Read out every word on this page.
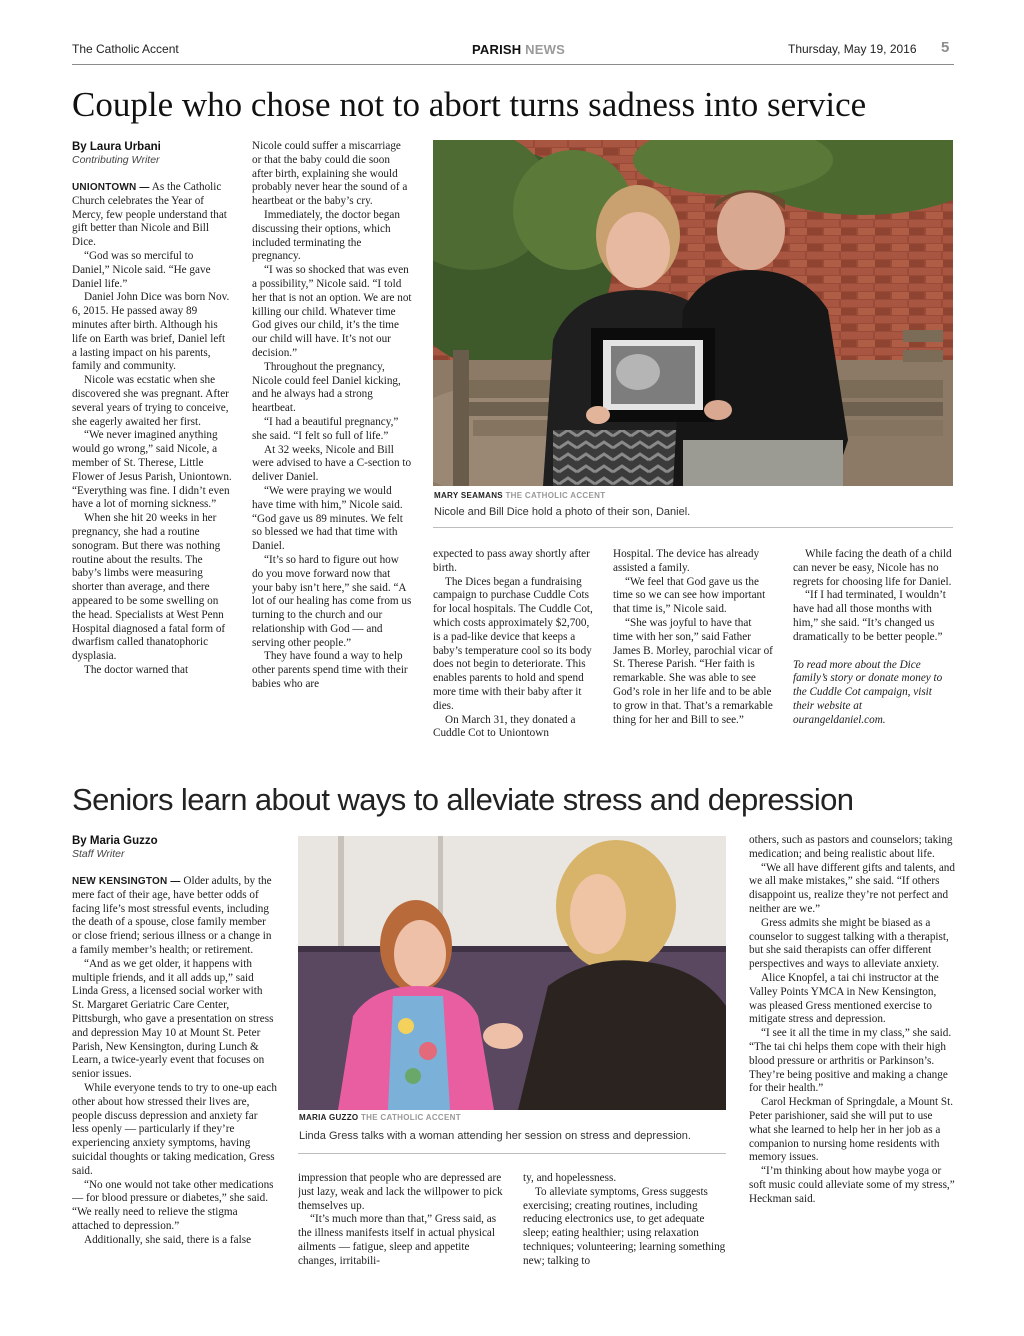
The Catholic Accent	PARISH NEWS	Thursday, May 19, 2016 5
Couple who chose not to abort turns sadness into service
By Laura Urbani
Contributing Writer

UNIONTOWN — As the Catholic Church celebrates the Year of Mercy, few people understand that gift better than Nicole and Bill Dice.

“God was so merciful to Daniel,” Nicole said. “He gave Daniel life.”

Daniel John Dice was born Nov. 6, 2015. He passed away 89 minutes after birth. Although his life on Earth was brief, Daniel left a lasting impact on his parents, family and community.

Nicole was ecstatic when she discovered she was pregnant. After several years of trying to conceive, she eagerly awaited her first.

“We never imagined anything would go wrong,” said Nicole, a member of St. Therese, Little Flower of Jesus Parish, Uniontown. “Everything was fine. I didn’t even have a lot of morning sickness.”

When she hit 20 weeks in her pregnancy, she had a routine sonogram. But there was nothing routine about the results. The baby’s limbs were measuring shorter than average, and there appeared to be some swelling on the head. Specialists at West Penn Hospital diagnosed a fatal form of dwarfism called thanatophoric dysplasia.

The doctor warned that

Nicole could suffer a miscarriage or that the baby could die soon after birth, explaining she would probably never hear the sound of a heartbeat or the baby’s cry.

Immediately, the doctor began discussing their options, which included terminating the pregnancy.

“I was so shocked that was even a possibility,” Nicole said. “I told her that is not an option. We are not killing our child. Whatever time God gives our child, it’s the time our child will have. It’s not our decision.”

Throughout the pregnancy, Nicole could feel Daniel kicking, and he always had a strong heartbeat.

“I had a beautiful pregnancy,” she said. “I felt so full of life.”

At 32 weeks, Nicole and Bill were advised to have a C-section to deliver Daniel.

“We were praying we would have time with him,” Nicole said. “God gave us 89 minutes. We felt so blessed we had that time with Daniel.

“It’s so hard to figure out how do you move forward now that your baby isn’t here,” she said. “A lot of our healing has come from us turning to the church and our relationship with God — and serving other people.”

They have found a way to help other parents spend time with their babies who are

MARY SEAMANS THE CATHOLIC ACCENT
Nicole and Bill Dice hold a photo of their son, Daniel.

expected to pass away shortly after birth.

The Dices began a fundraising campaign to purchase Cuddle Cots for local hospitals. The Cuddle Cot, which costs approximately $2,700, is a pad-like device that keeps a baby’s temperature cool so its body does not begin to deteriorate. This enables parents to hold and spend more time with their baby after it dies.

On March 31, they donated a Cuddle Cot to Uniontown

Hospital. The device has already assisted a family.

“We feel that God gave us the time so we can see how important that time is,” Nicole said.

“She was joyful to have that time with her son,” said Father James B. Morley, parochial vicar of St. Therese Parish. “Her faith is remarkable. She was able to see God’s role in her life and to be able to grow in that. That’s a remarkable thing for her and Bill to see.”

While facing the death of a child can never be easy, Nicole has no regrets for choosing life for Daniel.

“If I had terminated, I wouldn’t have had all those months with him,” she said. “It’s changed us dramatically to be better people.”

To read more about the Dice family’s story or donate money to the Cuddle Cot campaign, visit their website at ourangeldaniel.com.

Seniors learn about ways to alleviate stress and depression
By Maria Guzzo
Staff Writer

NEW KENSINGTON — Older adults, by the mere fact of their age, have better odds of facing life’s most stressful events, including the death of a spouse, close family member or close friend; serious illness or a change in a family member’s health; or retirement.

“And as we get older, it happens with multiple friends, and it all adds up,” said Linda Gress, a licensed social worker with St. Margaret Geriatric Care Center, Pittsburgh, who gave a presentation on stress and depression May 10 at Mount St. Peter Parish, New Kensington, during Lunch & Learn, a twice-yearly event that focuses on senior issues.

While everyone tends to try to one-up each other about how stressed their lives are, people discuss depression and anxiety far less openly — particularly if they’re experiencing anxiety symptoms, having suicidal thoughts or taking medication, Gress said.

“No one would not take other medications — for blood pressure or diabetes,” she said. “We really need to relieve the stigma attached to depression.”

Additionally, she said, there is a false

MARIA GUZZO THE CATHOLIC ACCENT
Linda Gress talks with a woman attending her session on stress and depression.

impression that people who are depressed are just lazy, weak and lack the willpower to pick themselves up.

“It’s much more than that,” Gress said, as the illness manifests itself in actual physical ailments — fatigue, sleep and appetite changes, irritabili-

ty, and hopelessness.

To alleviate symptoms, Gress suggests exercising; creating routines, including reducing electronics use, to get adequate sleep; eating healthier; using relaxation techniques; volunteering; learning something new; talking to

others, such as pastors and counselors; taking medication; and being realistic about life.

“We all have different gifts and talents, and we all make mistakes,” she said. “If others disappoint us, realize they’re not perfect and neither are we.”

Gress admits she might be biased as a counselor to suggest talking with a therapist, but she said therapists can offer different perspectives and ways to alleviate anxiety.

Alice Knopfel, a tai chi instructor at the Valley Points YMCA in New Kensington, was pleased Gress mentioned exercise to mitigate stress and depression.

“I see it all the time in my class,” she said. “The tai chi helps them cope with their high blood pressure or arthritis or Parkinson’s. They’re being positive and making a change for their health.”

Carol Heckman of Springdale, a Mount St. Peter parishioner, said she will put to use what she learned to help her in her job as a companion to nursing home residents with memory issues.

“I’m thinking about how maybe yoga or soft music could alleviate some of my stress,” Heckman said.
